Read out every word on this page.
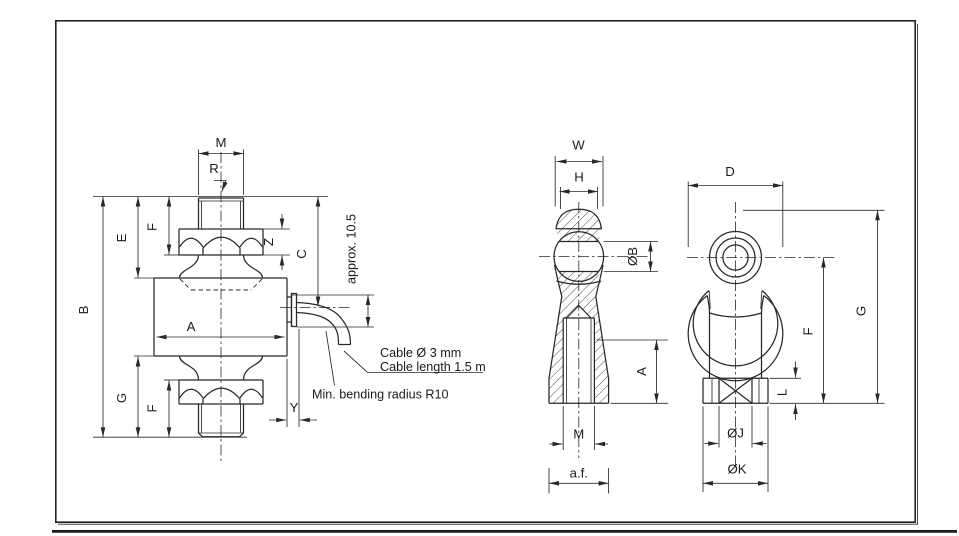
M
R
B
E
F
G
F
Z
C	approx. 10.5
Y
A
Cable Ø 3 mm
Cable length 1.5 m
Min. bending radius R10
W
H
ØB
A
M
a.f.
D
G
F
L
ØJ
ØK
